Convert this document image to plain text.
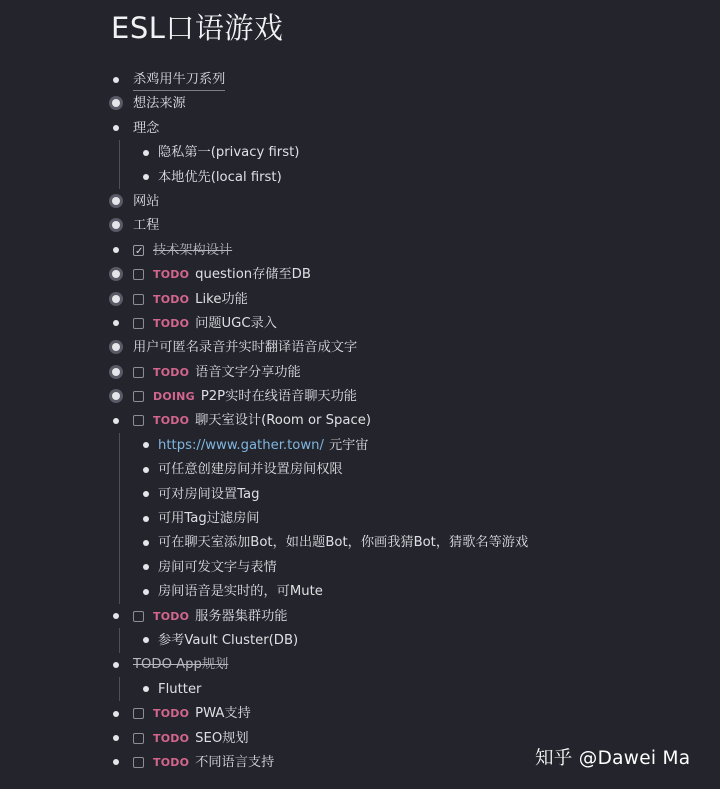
ESL口语游戏
杀鸡用牛刀系列
想法来源
理念
隐私第一(privacy first)
本地优先(local first)
网站
工程
✓ 技术架构设计
TODO question存储至DB
TODO Like功能
TODO 问题UGC录入
用户可匿名录音并实时翻译语音成文字
TODO 语音文字分享功能
DOING P2P实时在线语音聊天功能
TODO 聊天室设计(Room or Space)
https://www.gather.town/ 元宇宙
可任意创建房间并设置房间权限
可对房间设置Tag
可用Tag过滤房间
可在聊天室添加Bot，如出题Bot，你画我猜Bot，猜歌名等游戏
房间可发文字与表情
房间语音是实时的，可Mute
TODO 服务器集群功能
参考Vault Cluster(DB)
TODO App规划
Flutter
TODO PWA支持
TODO SEO规划
TODO 不同语言支持	知乎 @Dawei Ma
